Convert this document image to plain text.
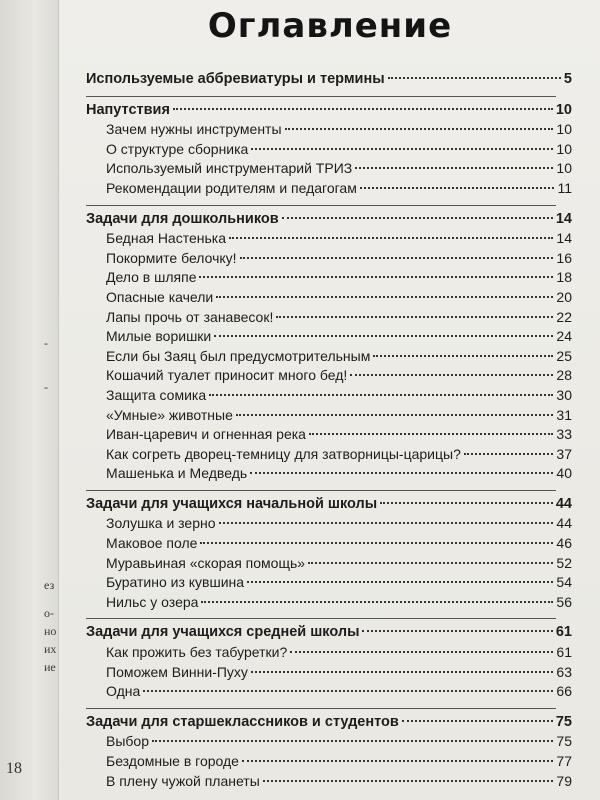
-
-
ез
о-
но
их
ие
18
Оглавление
Используемые аббревиатуры и термины	5
Напутствия	10
Зачем нужны инструменты	10
О структуре сборника	10
Используемый инструментарий ТРИЗ	10
Рекомендации родителям и педагогам	11
Задачи для дошкольников	14
Бедная Настенька	14
Покормите белочку!	16
Дело в шляпе	18
Опасные качели	20
Лапы прочь от занавесок!	22
Милые воришки	24
Если бы Заяц был предусмотрительным	25
Кошачий туалет приносит много бед!	28
Защита сомика	30
«Умные» животные	31
Иван-царевич и огненная река	33
Как согреть дворец-темницу для затворницы-царицы?	37
Машенька и Медведь	40
Задачи для учащихся начальной школы	44
Золушка и зерно	44
Маковое поле	46
Муравьиная «скорая помощь»	52
Буратино из кувшина	54
Нильс у озера	56
Задачи для учащихся средней школы	61
Как прожить без табуретки?	61
Поможем Винни-Пуху	63
Одна	66
Задачи для старшеклассников и студентов	75
Выбор	75
Бездомные в городе	77
В плену чужой планеты	79
